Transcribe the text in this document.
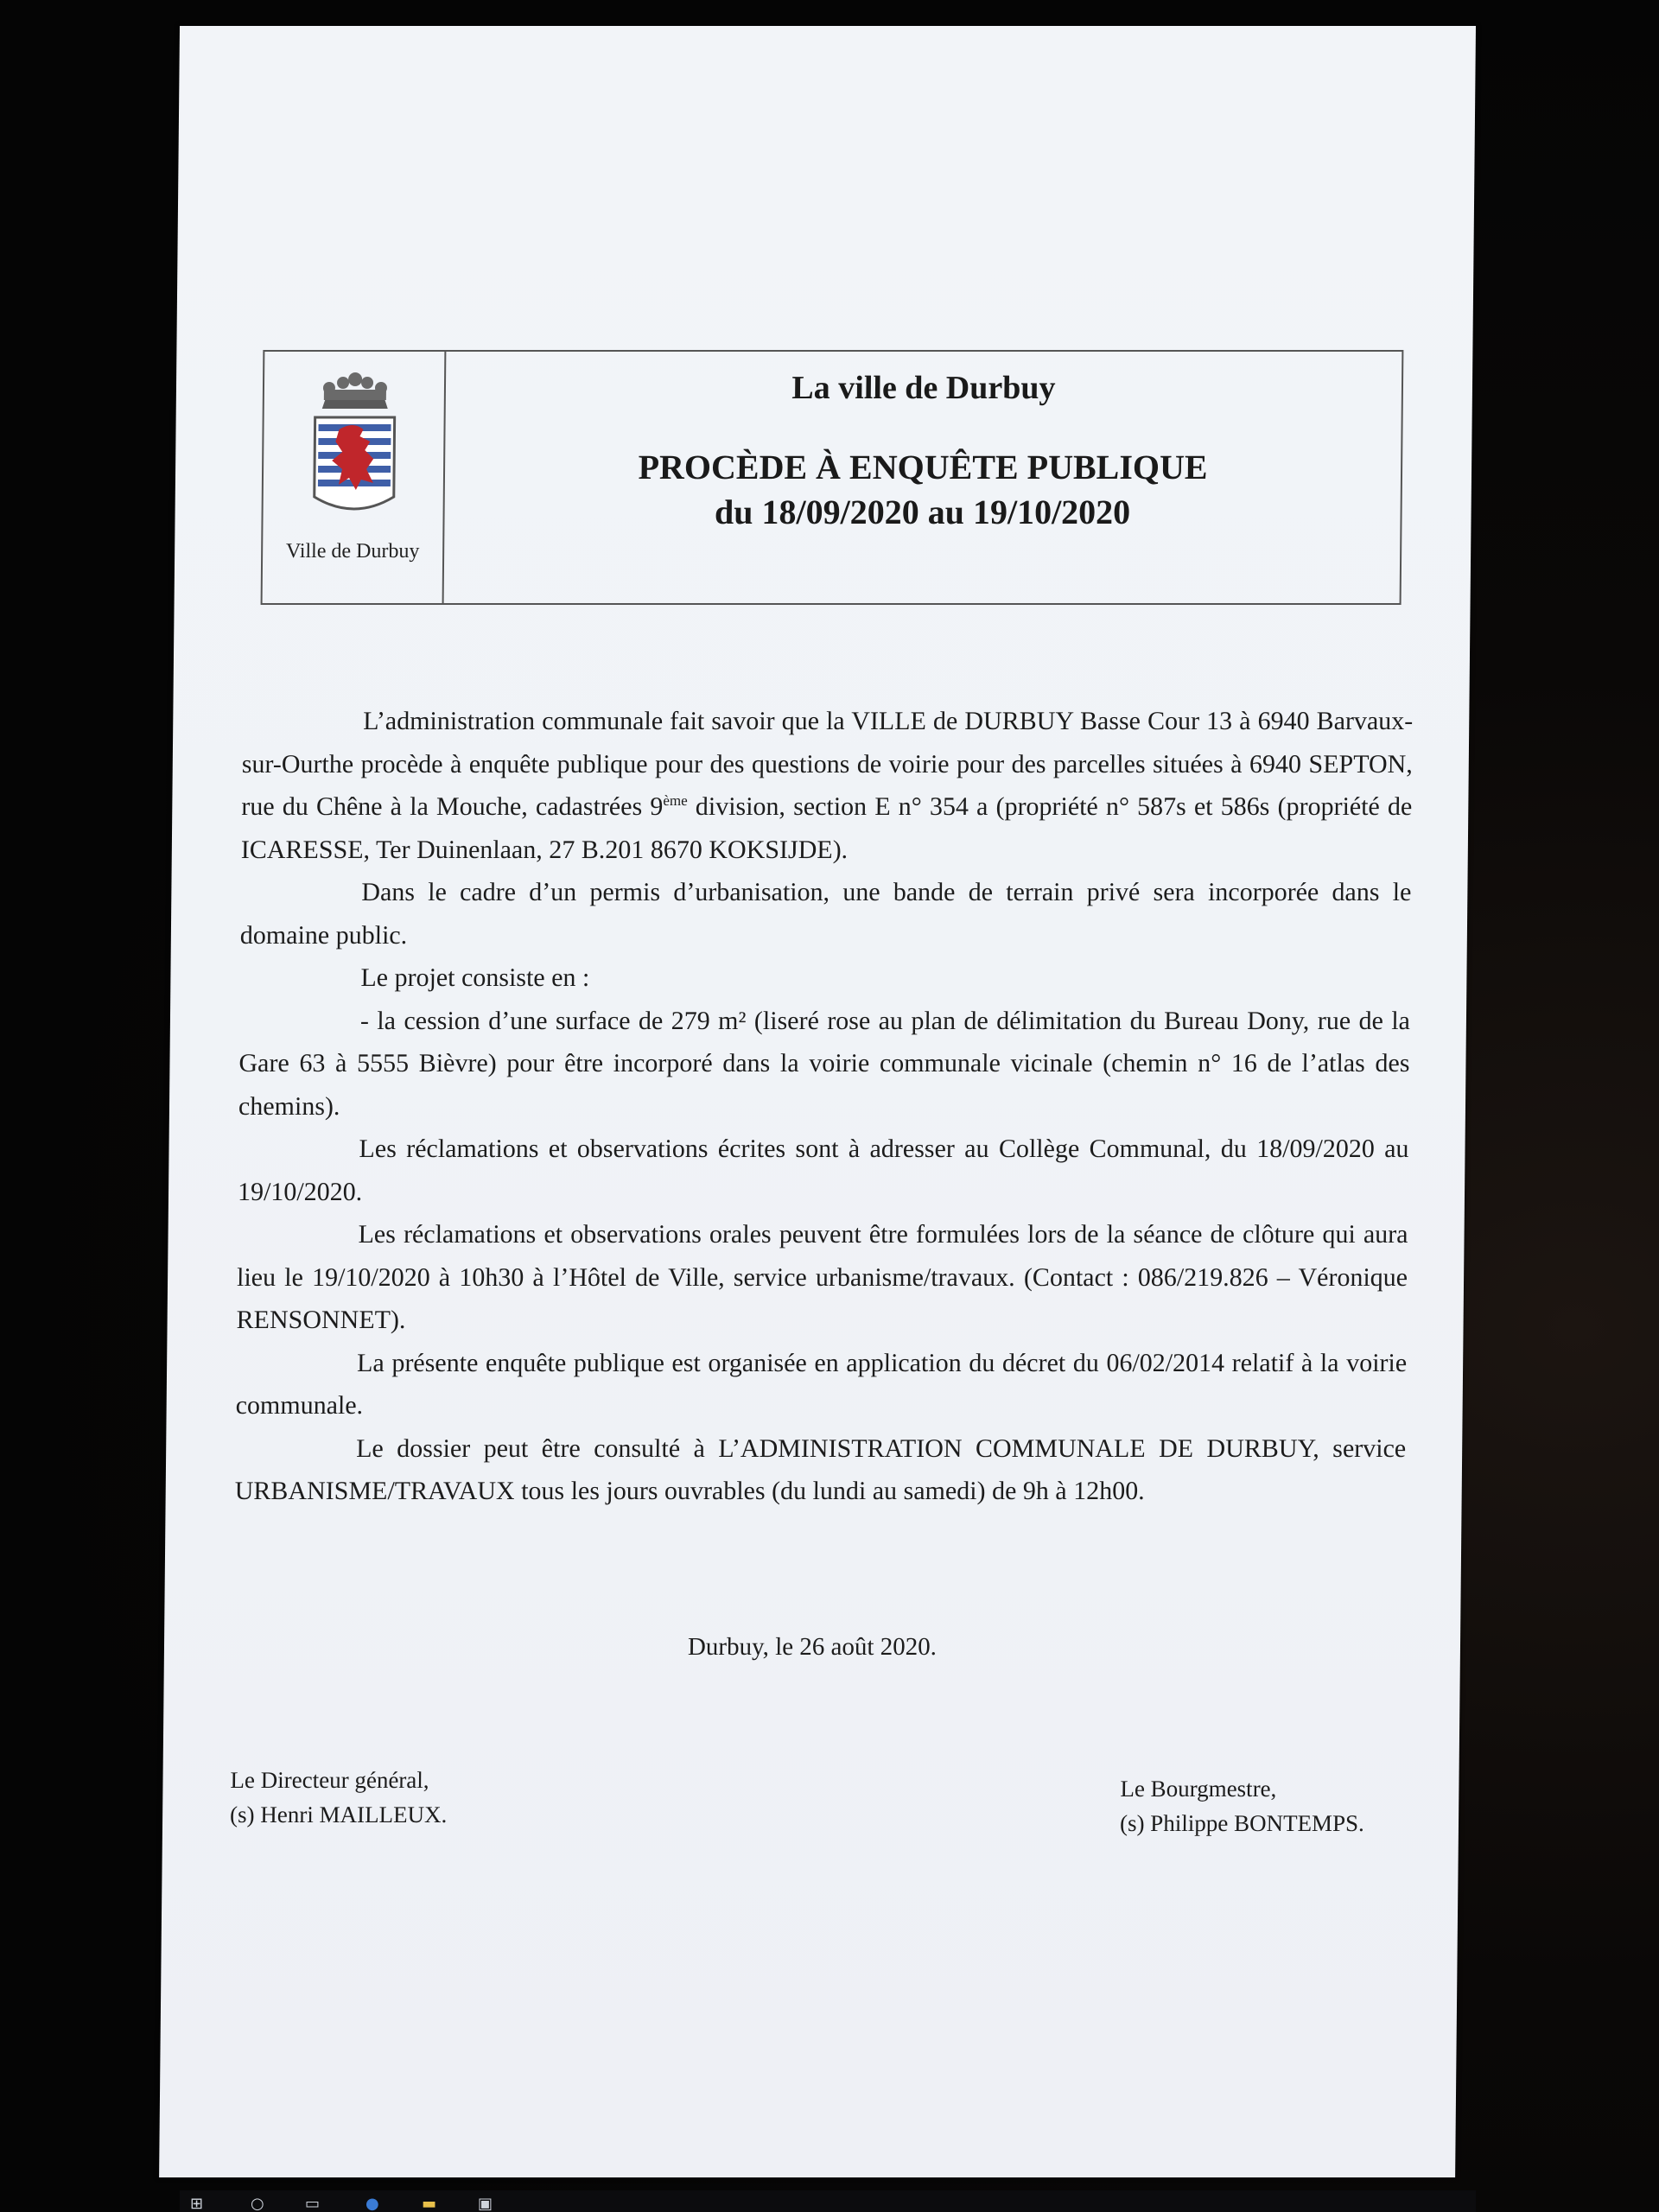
Ville de Durbuy
La ville de Durbuy
PROCÈDE À ENQUÊTE PUBLIQUE
du 18/09/2020 au 19/10/2020

L’administration communale fait savoir que la VILLE de DURBUY Basse Cour 13 à 6940 Barvaux-sur-Ourthe procède à enquête publique pour des questions de voirie pour des parcelles situées à 6940 SEPTON, rue du Chêne à la Mouche, cadastrées 9ème division, section E n° 354 a (propriété n° 587s et 586s (propriété de ICARESSE, Ter Duinenlaan, 27 B.201 8670 KOKSIJDE).

Dans le cadre d’un permis d’urbanisation, une bande de terrain privé sera incorporée dans le domaine public.

Le projet consiste en :

- la cession d’une surface de 279 m² (liseré rose au plan de délimitation du Bureau Dony, rue de la Gare 63 à 5555 Bièvre) pour être incorporé dans la voirie communale vicinale (chemin n° 16 de l’atlas des chemins).

Les réclamations et observations écrites sont à adresser au Collège Communal, du 18/09/2020 au 19/10/2020.

Les réclamations et observations orales peuvent être formulées lors de la séance de clôture qui aura lieu le 19/10/2020 à 10h30 à l’Hôtel de Ville, service urbanisme/travaux. (Contact : 086/219.826 – Véronique RENSONNET).

La présente enquête publique est organisée en application du décret du 06/02/2014 relatif à la voirie communale.

Le dossier peut être consulté à L’ADMINISTRATION COMMUNALE DE DURBUY, service URBANISME/TRAVAUX tous les jours ouvrables (du lundi au samedi) de 9h à 12h00.

Durbuy, le 26 août 2020.
Le Directeur général,
(s) Henri MAILLEUX.
Le Bourgmestre,
(s) Philippe BONTEMPS.
⊞	○	▭	●	▬	▣
